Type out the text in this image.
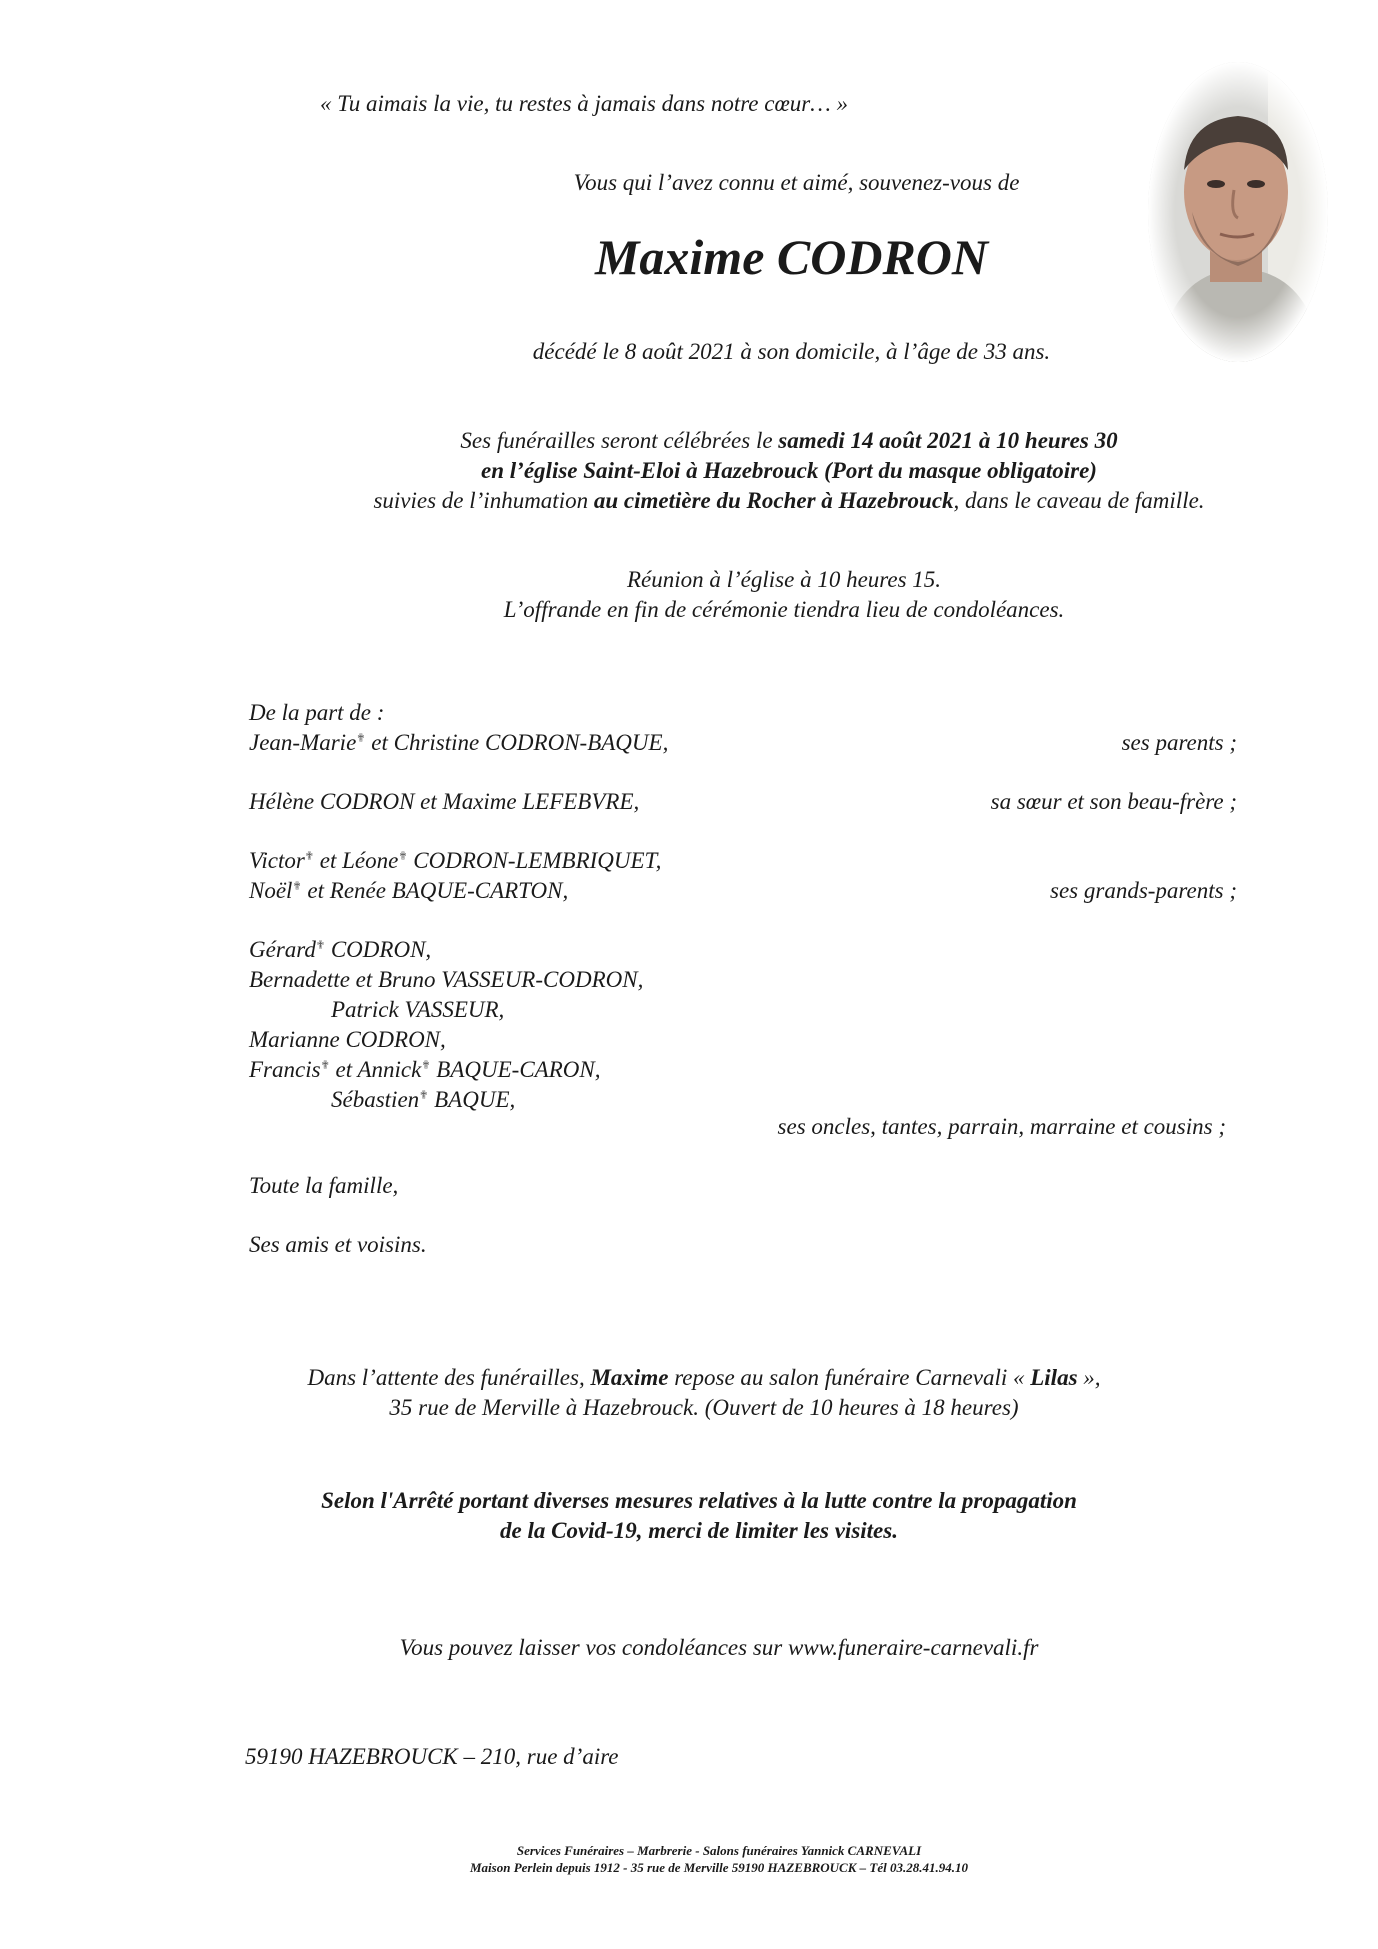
« Tu aimais la vie, tu restes à jamais dans notre cœur… »
Vous qui l’avez connu et aimé, souvenez-vous de
Maxime CODRON
décédé le 8 août 2021 à son domicile, à l’âge de 33 ans.
Ses funérailles seront célébrées le samedi 14 août 2021 à 10 heures 30
en l’église Saint-Eloi à Hazebrouck (Port du masque obligatoire)
suivies de l’inhumation au cimetière du Rocher à Hazebrouck, dans le caveau de famille.
Réunion à l’église à 10 heures 15.
L’offrande en fin de cérémonie tiendra lieu de condoléances.
De la part de :
Jean-Marie✟ et Christine CODRON-BAQUE,	ses parents ;
Hélène CODRON et Maxime LEFEBVRE,	sa sœur et son beau-frère ;
Victor✟ et Léone✟ CODRON-LEMBRIQUET,
Noël✟ et Renée BAQUE-CARTON,	ses grands-parents ;
Gérard✟ CODRON,
Bernadette et Bruno VASSEUR-CODRON,
Patrick VASSEUR,
Marianne CODRON,
Francis✟ et Annick✟ BAQUE-CARON,
Sébastien✟ BAQUE,
ses oncles, tantes, parrain, marraine et cousins ;
Toute la famille,
Ses amis et voisins.
Dans l’attente des funérailles, Maxime repose au salon funéraire Carnevali « Lilas »,
35 rue de Merville à Hazebrouck. (Ouvert de 10 heures à 18 heures)
Selon l'Arrêté portant diverses mesures relatives à la lutte contre la propagation
de la Covid-19, merci de limiter les visites.
Vous pouvez laisser vos condoléances sur www.funeraire-carnevali.fr
59190 HAZEBROUCK – 210, rue d’aire
Services Funéraires – Marbrerie - Salons funéraires Yannick CARNEVALI
Maison Perlein depuis 1912 - 35 rue de Merville 59190 HAZEBROUCK – Tél 03.28.41.94.10
